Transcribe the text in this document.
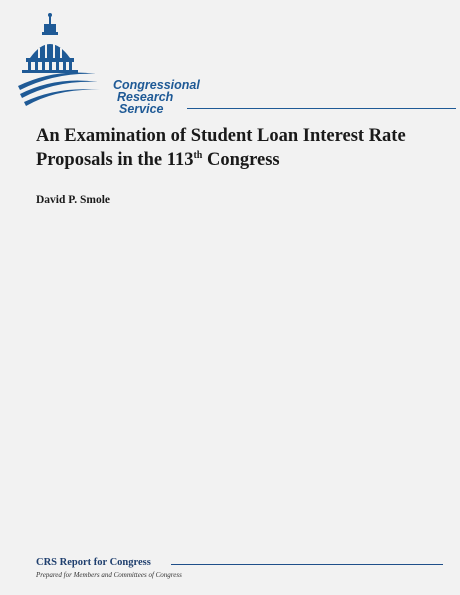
Congressional
Research
Service
An Examination of Student Loan Interest Rate
Proposals in the 113th Congress
David P. Smole
CRS Report for Congress
Prepared for Members and Committees of Congress
